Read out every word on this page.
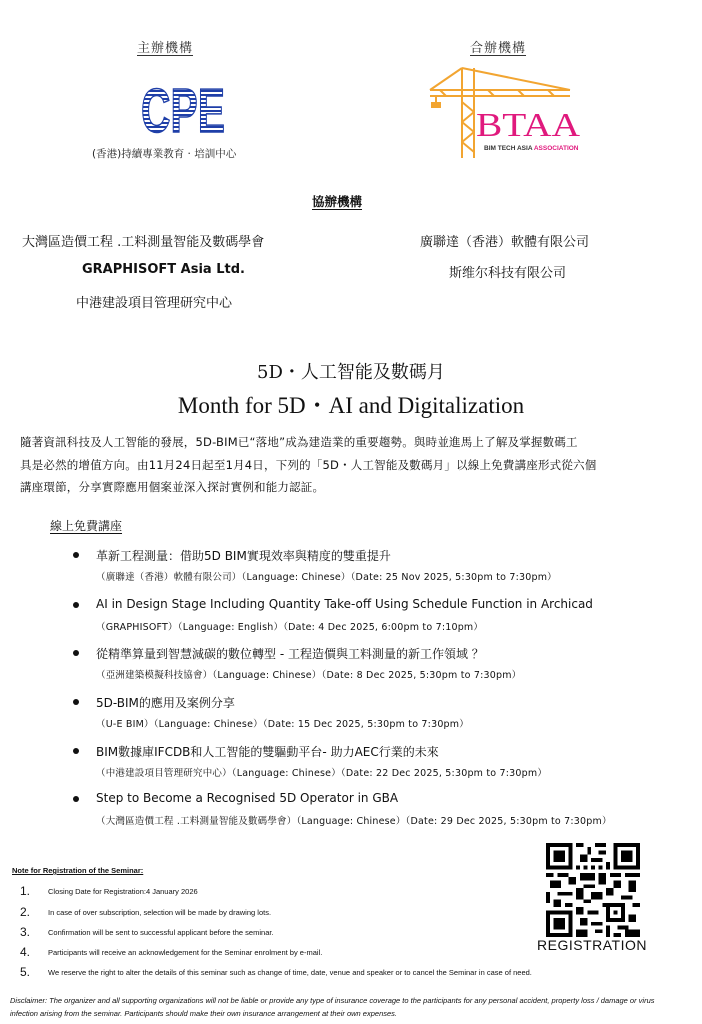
主辦機構	合辦機構
CPE
(香港)持續專業教育 · 培訓中心
BTAA
BIM TECH ASIA ASSOCIATION
協辦機構
大灣區造價工程 .工料測量智能及數碼學會
GRAPHISOFT Asia Ltd.
中港建設項目管理研究中心
廣聯達（香港）軟體有限公司
斯维尔科技有限公司
5D・人工智能及數碼月
Month for 5D・AI and Digitalization

隨著資訊科技及人工智能的發展，5D-BIM已“落地”成為建造業的重要趨勢。與時並進馬上了解及掌握數碼工

具是必然的增值方向。由11月24日起至1月4日，下列的「5D・人工智能及數碼月」以線上免費講座形式從六個

講座環節，分享實際應用個案並深入探討實例和能力認証。

線上免費講座
革新工程測量：借助5D BIM實現效率與精度的雙重提升
（廣聯達（香港）軟體有限公司）（Language: Chinese）（Date: 25 Nov 2025, 5:30pm to 7:30pm）
AI in Design Stage Including Quantity Take-off Using Schedule Function in Archicad
（GRAPHISOFT）（Language: English）（Date: 4 Dec 2025, 6:00pm to 7:10pm）
從精準算量到智慧減碳的數位轉型 - 工程造價與工料測量的新工作領域 ？
（亞洲建築模擬科技協會）（Language: Chinese）（Date: 8 Dec 2025, 5:30pm to 7:30pm）
5D-BIM的應用及案例分享
（U-E BIM）（Language: Chinese）（Date: 15 Dec 2025, 5:30pm to 7:30pm）
BIM數據庫IFCDB和人工智能的雙驅動平台- 助力AEC行業的未來
（中港建設項目管理研究中心）（Language: Chinese）（Date: 22 Dec 2025, 5:30pm to 7:30pm）
Step to Become a Recognised 5D Operator in GBA
（大灣區造價工程 .工料測量智能及數碼學會）（Language: Chinese）（Date: 29 Dec 2025, 5:30pm to 7:30pm）
Note for Registration of the Seminar:
1. Closing Date for Registration:4 January 2026
2. In case of over subscription, selection will be made by drawing lots.
3. Confirmation will be sent to successful applicant before the seminar.
4. Participants will receive an acknowledgement for the Seminar enrolment by e-mail.
5. We reserve the right to alter the details of this seminar such as change of time, date, venue and speaker or to cancel the Seminar in case of need.
REGISTRATION
Disclaimer: The organizer and all supporting organizations will not be liable or provide any type of insurance coverage to the participants for any personal accident, property loss / damage or virus
infection arising from the seminar. Participants should make their own insurance arrangement at their own expenses.
